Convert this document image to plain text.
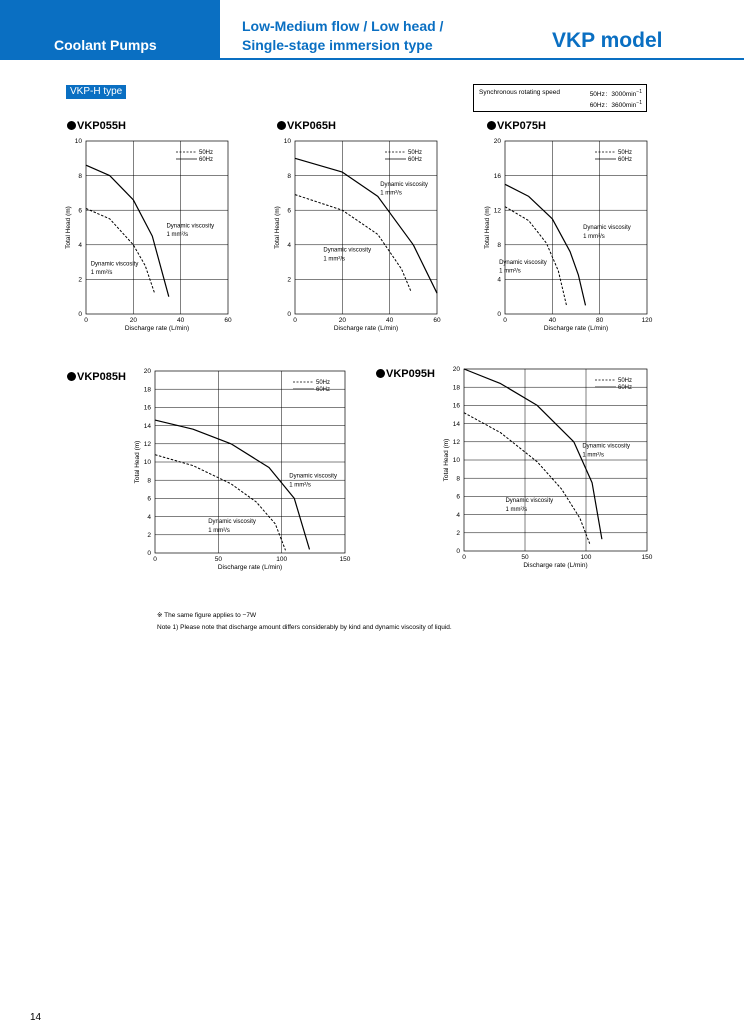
Coolant Pumps
Low-Medium flow / Low head /
Single-stage immersion type	VKP model
VKP-H type	Synchronous rotating speed	50Hz：$3000\min^{-1}$
60Hz：$3600\min^{-1}$
VKP055H	VKP065H	VKP075H
VKP085H	VKP095H
0	20	40	60
0
2
4
6
8
10
Discharge rate (L/min)
Total Head (m)
50Hz
60Hz
Dynamic viscosity
1 mm²/s
Dynamic viscosity
1 mm²/s
0	20	40	60
0
2
4
6
8
10
Discharge rate (L/min)
Total Head (m)
50Hz
60Hz
Dynamic viscosity
1 mm²/s
Dynamic viscosity
1 mm²/s
0	40	80	120
0
4
8
12
16
20
Discharge rate (L/min)
Total Head (m)
50Hz
60Hz
Dynamic viscosity
1 mm²/s
Dynamic viscosity
1 mm²/s
0	50	100	150
0
2
4
6
8
10
12
14
16
18
20
Discharge rate (L/min)
Total Head (m)
50Hz
60Hz
Dynamic viscosity
1 mm²/s
Dynamic viscosity
1 mm²/s
0	50	100	150
0
2
4
6
8
10
12
14
16
18
20
Discharge rate (L/min)
Total Head (m)
50Hz
60Hz
Dynamic viscosity
1 mm²/s
Dynamic viscosity
1 mm²/s
※ The same figure applies to −7W
Note 1) Please note that discharge amount differs considerably by kind and dynamic viscosity of liquid.
14
